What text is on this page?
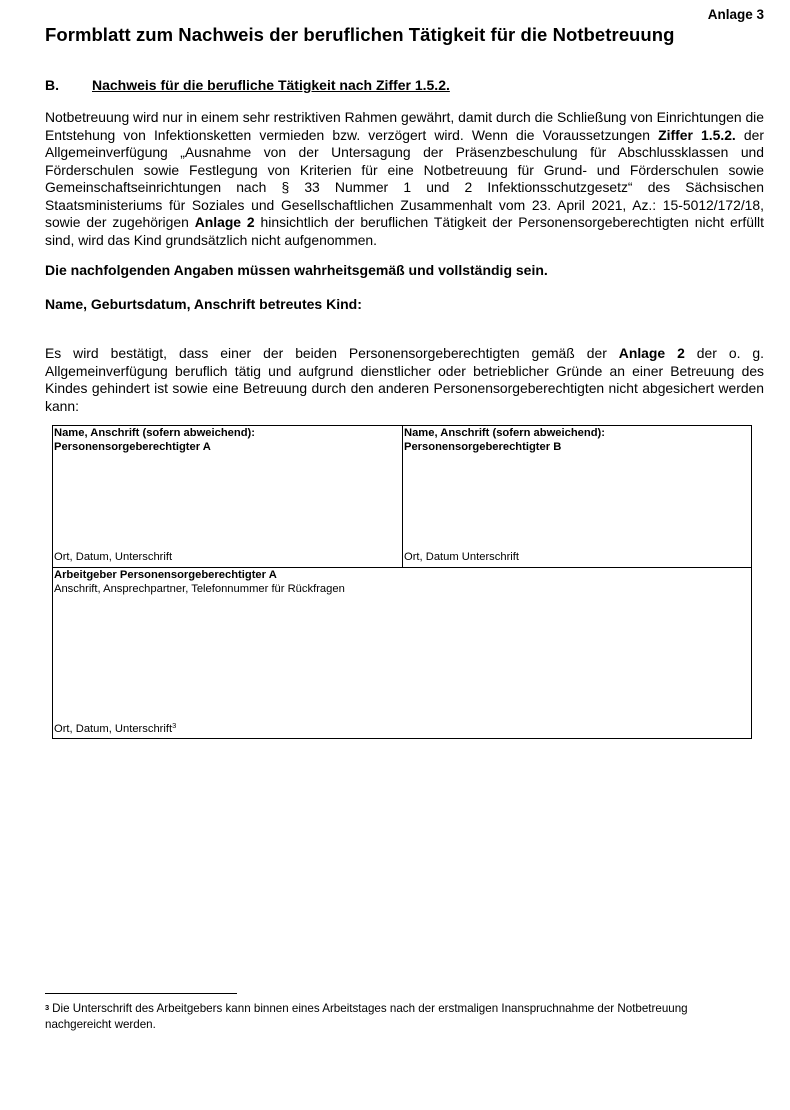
Anlage 3
Formblatt zum Nachweis der beruflichen Tätigkeit für die Notbetreuung
B. Nachweis für die berufliche Tätigkeit nach Ziffer 1.5.2.

Notbetreuung wird nur in einem sehr restriktiven Rahmen gewährt, damit durch die Schließung von Einrichtungen die Entstehung von Infektionsketten vermieden bzw. verzögert wird. Wenn die Voraussetzungen Ziffer 1.5.2. der Allgemeinverfügung „Ausnahme von der Untersagung der Präsenzbeschulung für Abschlussklassen und Förderschulen sowie Festlegung von Kriterien für eine Notbetreuung für Grund- und Förderschulen sowie Gemeinschaftseinrichtungen nach § 33 Nummer 1 und 2 Infektionsschutzgesetz“ des Sächsischen Staatsministeriums für Soziales und Gesellschaftlichen Zusammenhalt vom 23. April 2021, Az.: 15-5012/172/18, sowie der zugehörigen Anlage 2 hinsichtlich der beruflichen Tätigkeit der Personensorgeberechtigten nicht erfüllt sind, wird das Kind grundsätzlich nicht aufgenommen.

Die nachfolgenden Angaben müssen wahrheitsgemäß und vollständig sein.
Name, Geburtsdatum, Anschrift betreutes Kind:

Es wird bestätigt, dass einer der beiden Personensorgeberechtigten gemäß der Anlage 2 der o. g. Allgemeinverfügung beruflich tätig und aufgrund dienstlicher oder betrieblicher Gründe an einer Betreuung des Kindes gehindert ist sowie eine Betreuung durch den anderen Personensorgeberechtigten nicht abgesichert werden kann:

Name, Anschrift (sofern abweichend):
Personensorgeberechtigter A
Ort, Datum, Unterschrift
Name, Anschrift (sofern abweichend):
Personensorgeberechtigter B
Ort, Datum Unterschrift
Arbeitgeber Personensorgeberechtigter A
Anschrift, Ansprechpartner, Telefonnummer für Rückfragen
Ort, Datum, Unterschrift$^3$
$^3$ Die Unterschrift des Arbeitgebers kann binnen eines Arbeitstages nach der erstmaligen Inanspruchnahme der Notbetreuung nachgereicht werden.
